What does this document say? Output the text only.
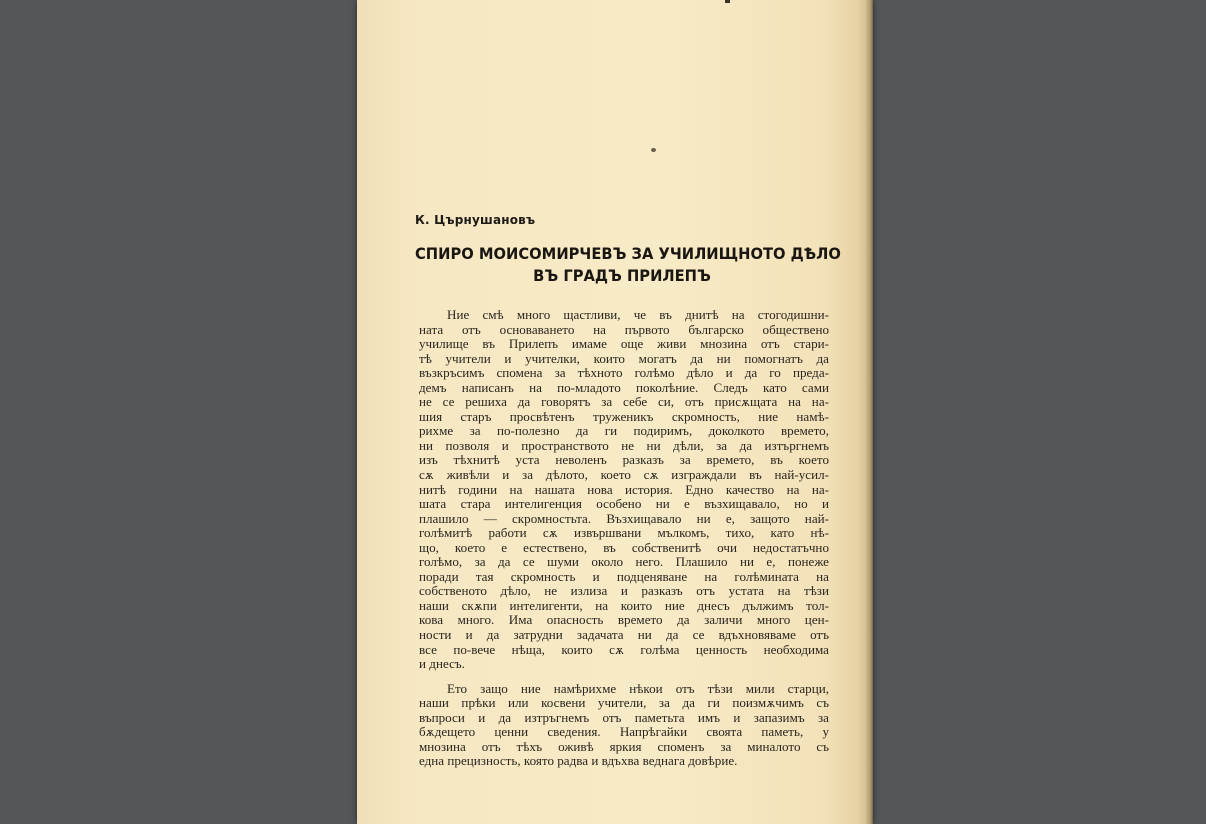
К. Църнушановъ
СПИРО МОИСОМИРЧЕВЪ ЗА УЧИЛИЩНОТО ДѢЛО
ВЪ ГРАДЪ ПРИЛЕПЪ
Ние смѣ много щастливи, че въ днитѣ на стогодишни-
ната отъ основаването на първото българско обществено
училище въ Прилепъ имаме още живи мнозина отъ стари-
тѣ учители и учителки, които могатъ да ни помогнатъ да
възкръсимъ спомена за тѣхното голѣмо дѣло и да го преда-
демъ написанъ на по-младото поколѣние. Следъ като сами
не се решиха да говорятъ за себе си, отъ присѫщата на на-
шия старъ просвѣтенъ труженикъ скромность, ние намѣ-
рихме за по-полезно да ги подиримъ, доколкото времето,
ни позволя и пространството не ни дѣли, за да изтъргнемъ
изъ тѣхнитѣ уста неволенъ разказъ за времето, въ което
сѫ живѣли и за дѣлото, което сѫ изграждали въ най-усил-
нитѣ години на нашата нова история. Едно качество на на-
шата стара интелигенция особено ни е възхищавало, но и
плашило — скромностьта. Възхищавало ни е, защото най-
голѣмитѣ работи сѫ извършвани мълкомъ, тихо, като нѣ-
що, което е естествено, въ собственитѣ очи недостатъчно
голѣмо, за да се шуми около него. Плашило ни е, понеже
поради тая скромность и подценяване на голѣмината на
собственото дѣло, не излиза и разказъ отъ устата на тѣзи
наши скѫпи интелигенти, на които ние днесъ дължимъ тол-
кова много. Има опасность времето да заличи много цен-
ности и да затрудни задачата ни да се вдъхновяваме отъ
все по-вече нѣща, които сѫ голѣма ценность необходима
и днесъ.
Ето защо ние намѣрихме нѣкои отъ тѣзи мили старци,
наши прѣки или косвени учители, за да ги поизмѫчимъ съ
въпроси и да изтръгнемъ отъ паметьта имъ и запазимъ за
бѫдещето ценни сведения. Напрѣгайки своята паметь, у
мнозина отъ тѣхъ оживѣ яркия споменъ за миналото съ
една прецизность, която радва и вдъхва веднага довѣрие.
